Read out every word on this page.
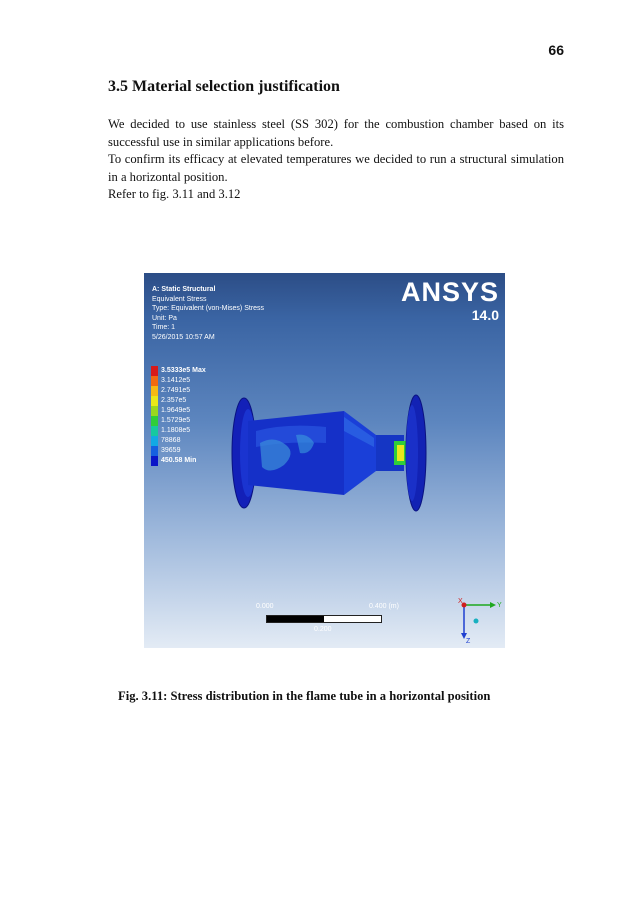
66
3.5 Material selection justification

We decided to use stainless steel (SS 302) for the combustion chamber based on its successful use in similar applications before.

To confirm its efficacy at elevated temperatures we decided to run a structural simulation in a horizontal position.

Refer to fig. 3.11 and 3.12

A: Static Structural
Equivalent Stress
Type: Equivalent (von-Mises) Stress
Unit: Pa
Time: 1
5/26/2015 10:57 AM
ANSYS
14.0
3.5333e5 Max
3.1412e5
2.7491e5
2.357e5
1.9649e5
1.5729e5
1.1808e5
78868
39659
450.58 Min
0.000	0.400 (m)
0.200
X
Y
Z
Fig. 3.11: Stress distribution in the flame tube in a horizontal position
